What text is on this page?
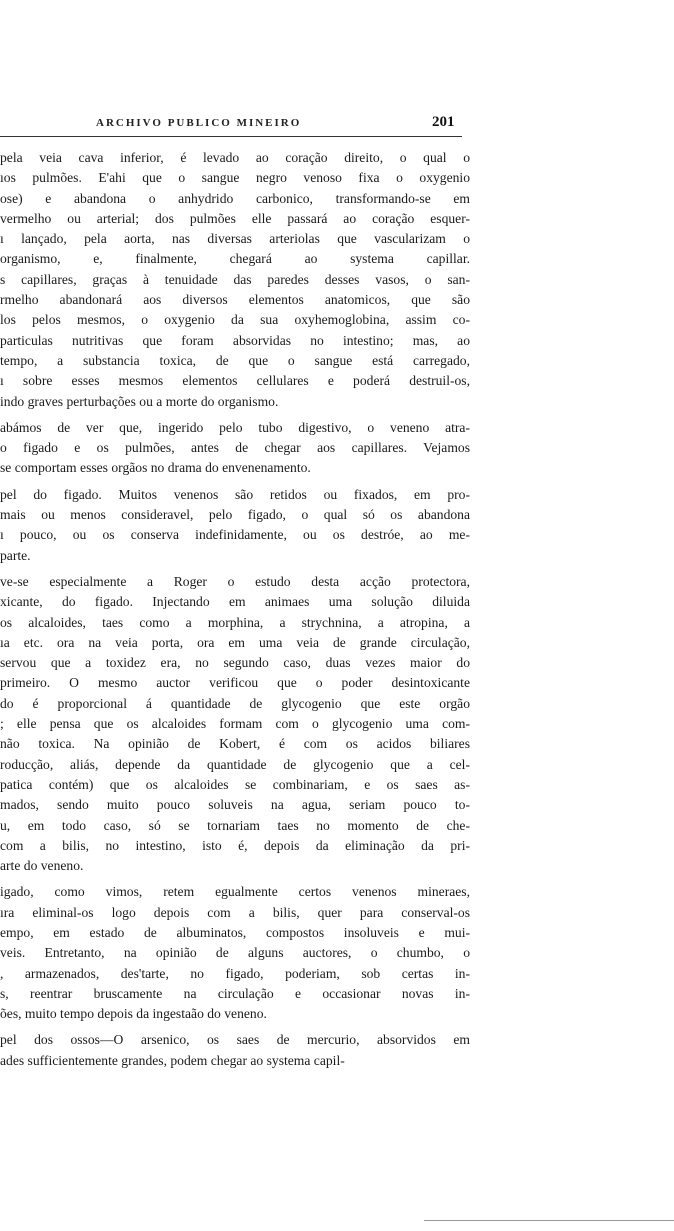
ARCHIVO PUBLICO MINEIRO	201
pela veia cava inferior, é levado ao coração direito, o qual o
ıos pulmões. E'ahi que o sangue negro venoso fixa o oxygenio
ose) e abandona o anhydrido carbonico, transformando-se em
vermelho ou arterial; dos pulmões elle passará ao coração esquer-
ı lançado, pela aorta, nas diversas arteriolas que vascularizam o
organismo, e, finalmente, chegará ao systema capillar.
s capillares, graças à tenuidade das paredes desses vasos, o san-
rmelho abandonará aos diversos elementos anatomicos, que são
los pelos mesmos, o oxygenio da sua oxyhemoglobina, assim co-
particulas nutritivas que foram absorvidas no intestino; mas, ao
tempo, a substancia toxica, de que o sangue está carregado,
ı sobre esses mesmos elementos cellulares e poderá destruil-os,
indo graves perturbações ou a morte do organismo.
abámos de ver que, ingerido pelo tubo digestivo, o veneno atra-
o figado e os pulmões, antes de chegar aos capillares. Vejamos
se comportam esses orgãos no drama do envenenamento.
pel do figado. Muitos venenos são retidos ou fixados, em pro-
mais ou menos consideravel, pelo figado, o qual só os abandona
ı pouco, ou os conserva indefinidamente, ou os destróe, ao me-
parte.
ve-se especialmente a Roger o estudo desta acção protectora,
xicante, do figado. Injectando em animaes uma solução diluida
os alcaloides, taes como a morphina, a strychnina, a atropina, a
ıa etc. ora na veia porta, ora em uma veia de grande circulação,
servou que a toxidez era, no segundo caso, duas vezes maior do
primeiro. O mesmo auctor verificou que o poder desintoxicante
do é proporcional á quantidade de glycogenio que este orgão
; elle pensa que os alcaloides formam com o glycogenio uma com-
não toxica. Na opinião de Kobert, é com os acidos biliares
roducção, aliás, depende da quantidade de glycogenio que a cel-
patica contém) que os alcaloides se combinariam, e os saes as-
mados, sendo muito pouco soluveis na agua, seriam pouco to-
u, em todo caso, só se tornariam taes no momento de che-
com a bilis, no intestino, isto é, depois da eliminação da pri-
arte do veneno.
igado, como vimos, retem egualmente certos venenos mineraes,
ıra eliminal-os logo depois com a bilis, quer para conserval-os
empo, em estado de albuminatos, compostos insoluveis e mui-
veis. Entretanto, na opinião de alguns auctores, o chumbo, o
, armazenados, des'tarte, no figado, poderiam, sob certas in-
s, reentrar bruscamente na circulação e occasionar novas in-
ões, muito tempo depois da ingestaão do veneno.
pel dos ossos—O arsenico, os saes de mercurio, absorvidos em
ades sufficientemente grandes, podem chegar ao systema capil-
